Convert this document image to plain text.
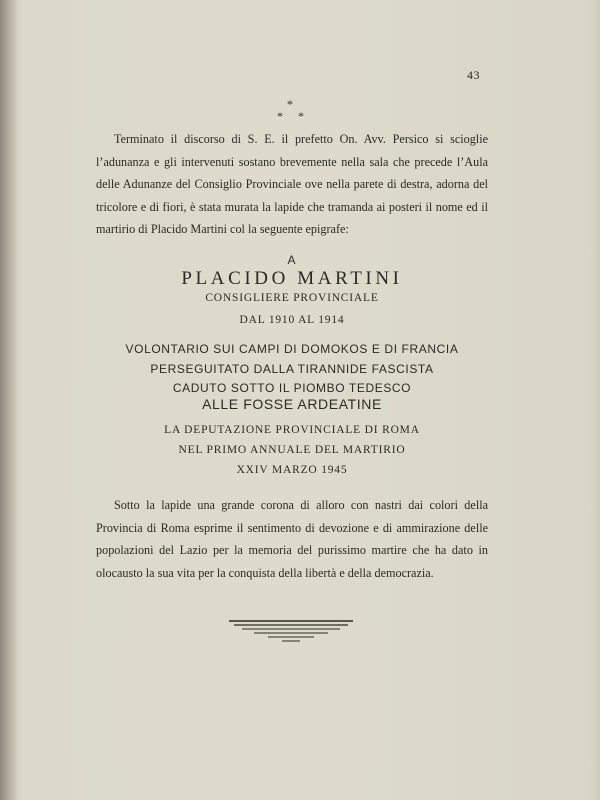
43
*
* *

Terminato il discorso di S. E. il prefetto On. Avv. Persico si scioglie l’adunanza e gli intervenuti sostano brevemente nella sala che precede l’Aula delle Adunanze del Consiglio Provinciale ove nella parete di destra, adorna del tricolore e di fiori, è stata murata la lapide che tramanda ai posteri il nome ed il martirio di Placido Martini col la seguente epigrafe:

A
PLACIDO MARTINI
CONSIGLIERE PROVINCIALE
DAL 1910 AL 1914
VOLONTARIO SUI CAMPI DI DOMOKOS E DI FRANCIA
PERSEGUITATO DALLA TIRANNIDE FASCISTA
CADUTO SOTTO IL PIOMBO TEDESCO
ALLE FOSSE ARDEATINE
LA DEPUTAZIONE PROVINCIALE DI ROMA
NEL PRIMO ANNUALE DEL MARTIRIO
XXIV MARZO 1945

Sotto la lapide una grande corona di alloro con nastri dai colori della Provincia di Roma esprime il sentimento di devozione e di ammirazione delle popolazioni del Lazio per la memoria del purissimo martire che ha dato in olocausto la sua vita per la conquista della libertà e della democrazia.
